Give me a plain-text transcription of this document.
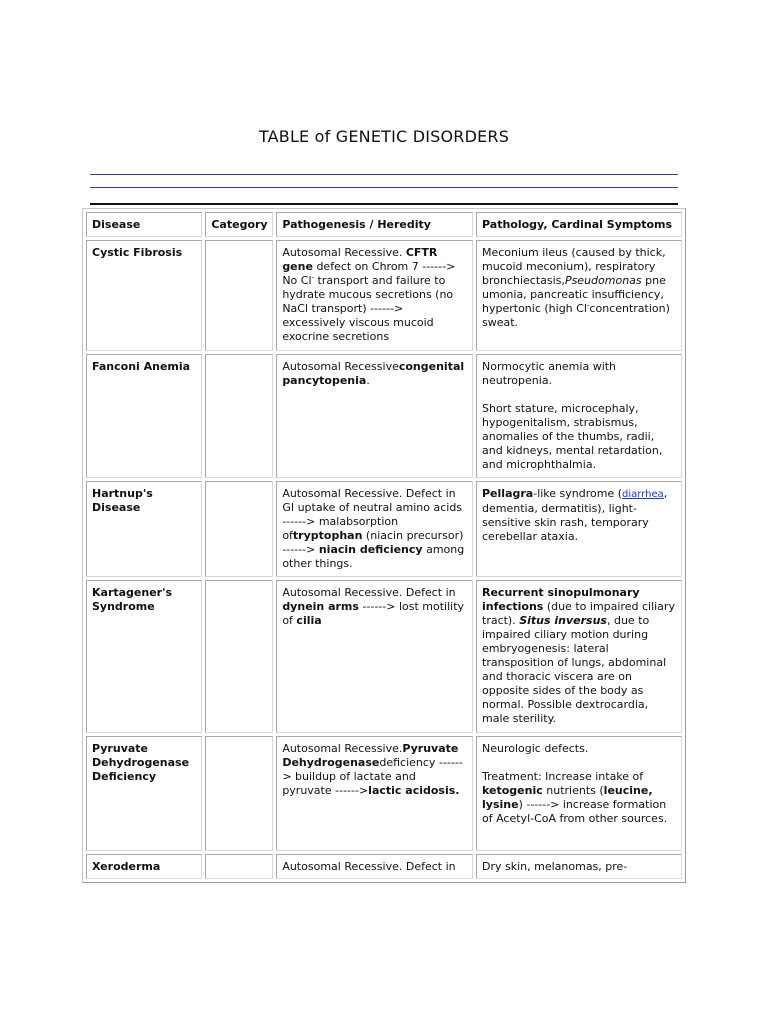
TABLE of GENETIC DISORDERS
Disease	Category	Pathogenesis / Heredity	Pathology, Cardinal Symptoms
Cystic Fibrosis		Autosomal Recessive. CFTR gene defect on Chrom 7 ------> No Cl- transport and failure to hydrate mucous secretions (no NaCl transport) ------> excessively viscous mucoid exocrine secretions	Meconium ileus (caused by thick, mucoid meconium), respiratory bronchiectasis,Pseudomonas pne umonia, pancreatic insufficiency, hypertonic (high Cl-concentration) sweat.
Fanconi Anemia		Autosomal Recessivecongenital pancytopenia.	Normocytic anemia with neutropenia.
Short stature, microcephaly, hypogenitalism, strabismus, anomalies of the thumbs, radii, and kidneys, mental retardation, and microphthalmia.

Hartnup's Disease		Autosomal Recessive. Defect in GI uptake of neutral amino acids ------> malabsorption oftryptophan (niacin precursor) ------> niacin deficiency among other things.	Pellagra-like syndrome (diarrhea, dementia, dermatitis), light-sensitive skin rash, temporary cerebellar ataxia.
Kartagener's Syndrome		Autosomal Recessive. Defect in dynein arms ------> lost motility of cilia	Recurrent sinopulmonary infections (due to impaired ciliary tract). Situs inversus, due to impaired ciliary motion during embryogenesis: lateral transposition of lungs, abdominal and thoracic viscera are on opposite sides of the body as normal. Possible dextrocardia, male sterility.
Pyruvate Dehydrogenase Deficiency		Autosomal Recessive.Pyruvate Dehydrogenasedeficiency ------> buildup of lactate and pyruvate ------>lactic acidosis.	Neurologic defects.
Treatment: Increase intake of ketogenic nutrients (leucine, lysine) ------> increase formation of Acetyl-CoA from other sources.

Xeroderma		Autosomal Recessive. Defect in	Dry skin, melanomas, pre-
